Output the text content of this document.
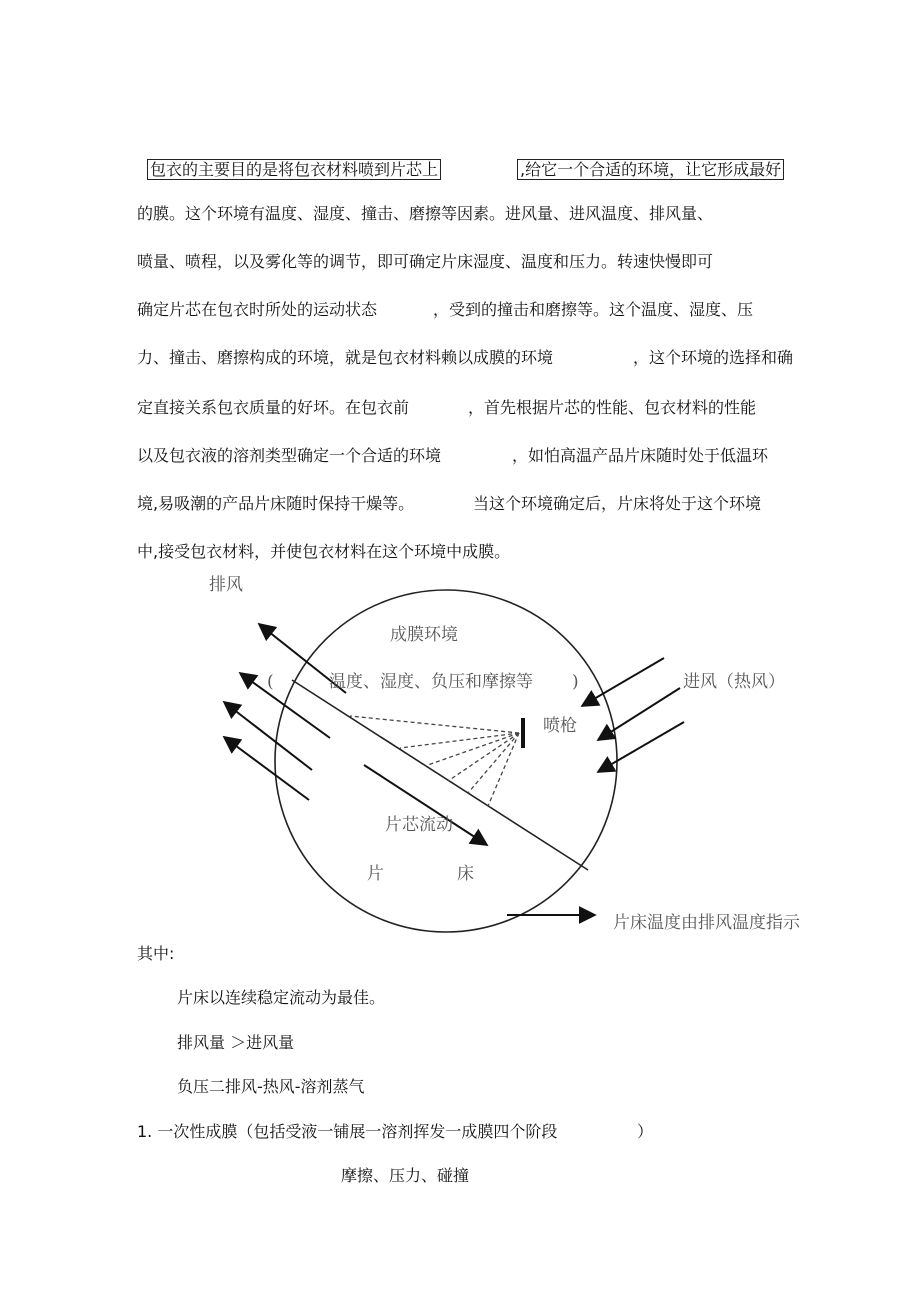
包衣的主要目的是将包衣材料喷到片芯上	,给它一个合适的环境，让它形成最好
的膜。这个环境有温度、湿度、撞击、磨擦等因素。进风量、进风温度、排风量、
喷量、喷程，以及雾化等的调节，即可确定片床湿度、温度和压力。转速快慢即可
确定片芯在包衣时所处的运动状态	，受到的撞击和磨擦等。这个温度、湿度、压
力、撞击、磨擦构成的环境，就是包衣材料赖以成膜的环境	，这个环境的选择和确
定直接关系包衣质量的好坏。在包衣前	，首先根据片芯的性能、包衣材料的性能
以及包衣液的溶剂类型确定一个合适的环境	，如怕高温产品片床随时处于低温环
境,易吸潮的产品片床随时保持干燥等。	当这个环境确定后，片床将处于这个环境
中,接受包衣材料，并使包衣材料在这个环境中成膜。
排风
成膜环境
(	温度、湿度、负压和摩擦等 )	进风（热风）
喷枪
片芯流动
片	床
片床温度由排风温度指示
其中:
片床以连续稳定流动为最佳。
排风量 ＞进风量
负压二排风-热风-溶剂蒸气
1. 一次性成膜（包括受液一铺展一溶剂挥发一成膜四个阶段	）
摩擦、压力、碰撞
